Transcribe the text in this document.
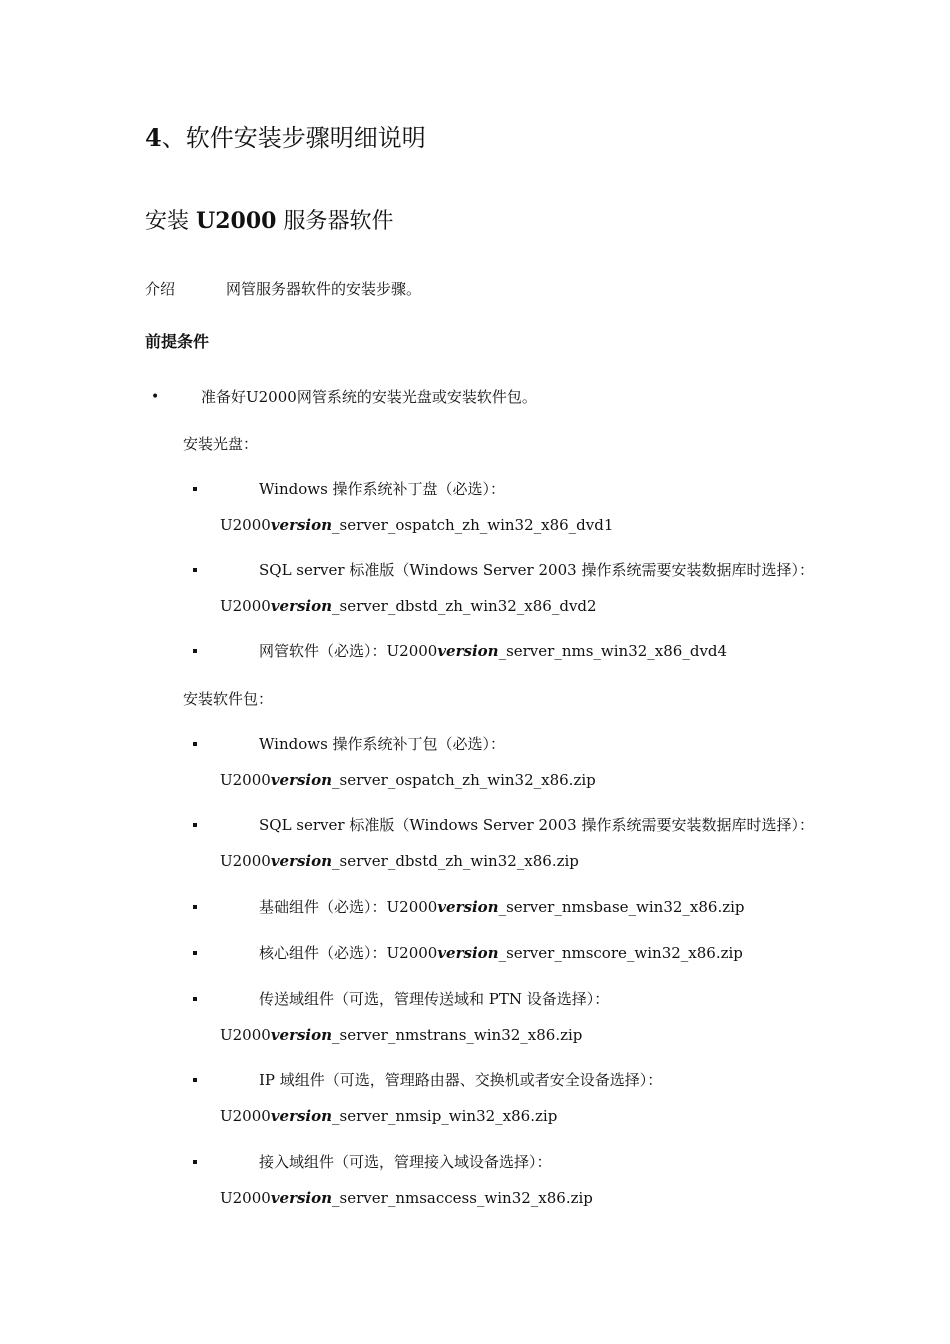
4、软件安装步骤明细说明
安装 U2000 服务器软件
介绍	网管服务器软件的安装步骤。
前提条件
•	准备好U2000网管系统的安装光盘或安装软件包。
安装光盘：
Windows 操作系统补丁盘（必选）：
U2000version_server_ospatch_zh_win32_x86_dvd1
SQL server 标准版（Windows Server 2003 操作系统需要安装数据库时选择）：
U2000version_server_dbstd_zh_win32_x86_dvd2
网管软件（必选）：U2000version_server_nms_win32_x86_dvd4
安装软件包：
Windows 操作系统补丁包（必选）：
U2000version_server_ospatch_zh_win32_x86.zip
SQL server 标准版（Windows Server 2003 操作系统需要安装数据库时选择）：
U2000version_server_dbstd_zh_win32_x86.zip
基础组件（必选）：U2000version_server_nmsbase_win32_x86.zip
核心组件（必选）：U2000version_server_nmscore_win32_x86.zip
传送域组件（可选，管理传送域和 PTN 设备选择）：
U2000version_server_nmstrans_win32_x86.zip
IP 域组件（可选，管理路由器、交换机或者安全设备选择）：
U2000version_server_nmsip_win32_x86.zip
接入域组件（可选，管理接入域设备选择）：
U2000version_server_nmsaccess_win32_x86.zip
